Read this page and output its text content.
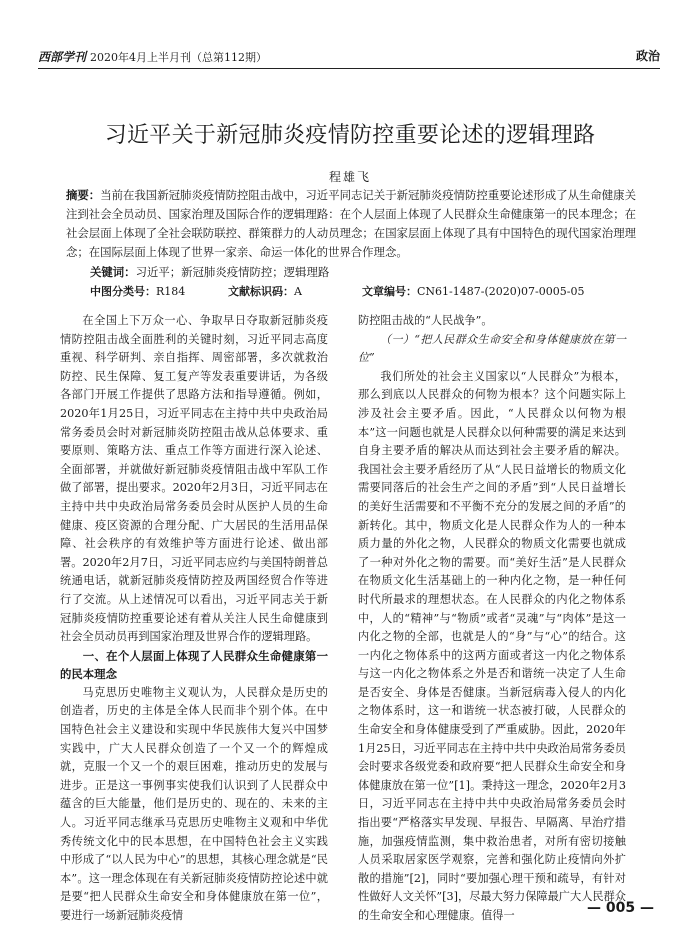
西部学刊 2020年4月上半月刊（总第112期）	政治
习近平关于新冠肺炎疫情防控重要论述的逻辑理路
程雄飞
摘要：当前在我国新冠肺炎疫情防控阻击战中，习近平同志记关于新冠肺炎疫情防控重要论述形成了从生命健康关注到社会全员动员、国家治理及国际合作的逻辑理路：在个人层面上体现了人民群众生命健康第一的民本理念；在社会层面上体现了全社会联防联控、群策群力的人动员理念；在国家层面上体现了具有中国特色的现代国家治理理念；在国际层面上体现了世界一家亲、命运一体化的世界合作理念。
关键词：习近平；新冠肺炎疫情防控；逻辑理路
中图分类号：R184	文献标识码：A	文章编号：CN61-1487-(2020)07-0005-05

在全国上下万众一心、争取早日夺取新冠肺炎疫情防控阻击战全面胜利的关键时刻，习近平同志高度重视、科学研判、亲自指挥、周密部署，多次就救治防控、民生保障、复工复产等发表重要讲话，为各级各部门开展工作提供了思路方法和指导遵循。例如，2020年1月25日，习近平同志在主持中共中央政治局常务委员会时对新冠肺炎防控阻击战从总体要求、重要原则、策略方法、重点工作等方面进行深入论述、全面部署，并就做好新冠肺炎疫情阻击战中军队工作做了部署，提出要求。2020年2月3日，习近平同志在主持中共中央政治局常务委员会时从医护人员的生命健康、疫区资源的合理分配、广大居民的生活用品保障、社会秩序的有效维护等方面进行论述、做出部署。2020年2月7日，习近平同志应约与美国特朗普总统通电话，就新冠肺炎疫情防控及两国经贸合作等进行了交流。从上述情况可以看出，习近平同志关于新冠肺炎疫情防控重要论述有着从关注人民生命健康到社会全员动员再到国家治理及世界合作的逻辑理路。

一、在个人层面上体现了人民群众生命健康第一的民本理念

马克思历史唯物主义观认为，人民群众是历史的创造者，历史的主体是全体人民而非个别个体。在中国特色社会主义建设和实现中华民族伟大复兴中国梦实践中，广大人民群众创造了一个又一个的辉煌成就，克服一个又一个的艰巨困难，推动历史的发展与进步。正是这一事例事实使我们认识到了人民群众中蕴含的巨大能量，他们是历史的、现在的、未来的主人。习近平同志继承马克思历史唯物主义观和中华优秀传统文化中的民本思想，在中国特色社会主义实践中形成了“以人民为中心”的思想，其核心理念就是“民本”。这一理念体现在有关新冠肺炎疫情防控论述中就是要“把人民群众生命安全和身体健康放在第一位”，要进行一场新冠肺炎疫情

防控阻击战的“人民战争”。

（一）“把人民群众生命安全和身体健康放在第一位”

我们所处的社会主义国家以“人民群众”为根本，那么到底以人民群众的何物为根本？这个问题实际上涉及社会主要矛盾。因此，“人民群众以何物为根本”这一问题也就是人民群众以何种需要的满足来达到自身主要矛盾的解决从而达到社会主要矛盾的解决。我国社会主要矛盾经历了从“人民日益增长的物质文化需要同落后的社会生产之间的矛盾”到“人民日益增长的美好生活需要和不平衡不充分的发展之间的矛盾”的新转化。其中，物质文化是人民群众作为人的一种本质力量的外化之物，人民群众的物质文化需要也就成了一种对外化之物的需要。而“美好生活”是人民群众在物质文化生活基础上的一种内化之物，是一种任何时代所最求的理想状态。在人民群众的内化之物体系中，人的“精神”与“物质”或者“灵魂”与“肉体”是这一内化之物的全部，也就是人的“身”与“心”的结合。这一内化之物体系中的这两方面或者这一内化之物体系与这一内化之物体系之外是否和谐统一决定了人生命是否安全、身体是否健康。当新冠病毒入侵人的内化之物体系时，这一和谐统一状态被打破，人民群众的生命安全和身体健康受到了严重威胁。因此，2020年1月25日，习近平同志在主持中共中央政治局常务委员会时要求各级党委和政府要“把人民群众生命安全和身体健康放在第一位”[1]。秉持这一理念，2020年2月3日，习近平同志在主持中共中央政治局常务委员会时指出要“严格落实早发现、早报告、早隔离、早治疗措施，加强疫情监测，集中救治患者，对所有密切接触人员采取居家医学观察，完善和强化防止疫情向外扩散的措施”[2]，同时“要加强心理干预和疏导，有针对性做好人文关怀”[3]，尽最大努力保障最广大人民群众的生命安全和心理健康。值得一	— 005 —
